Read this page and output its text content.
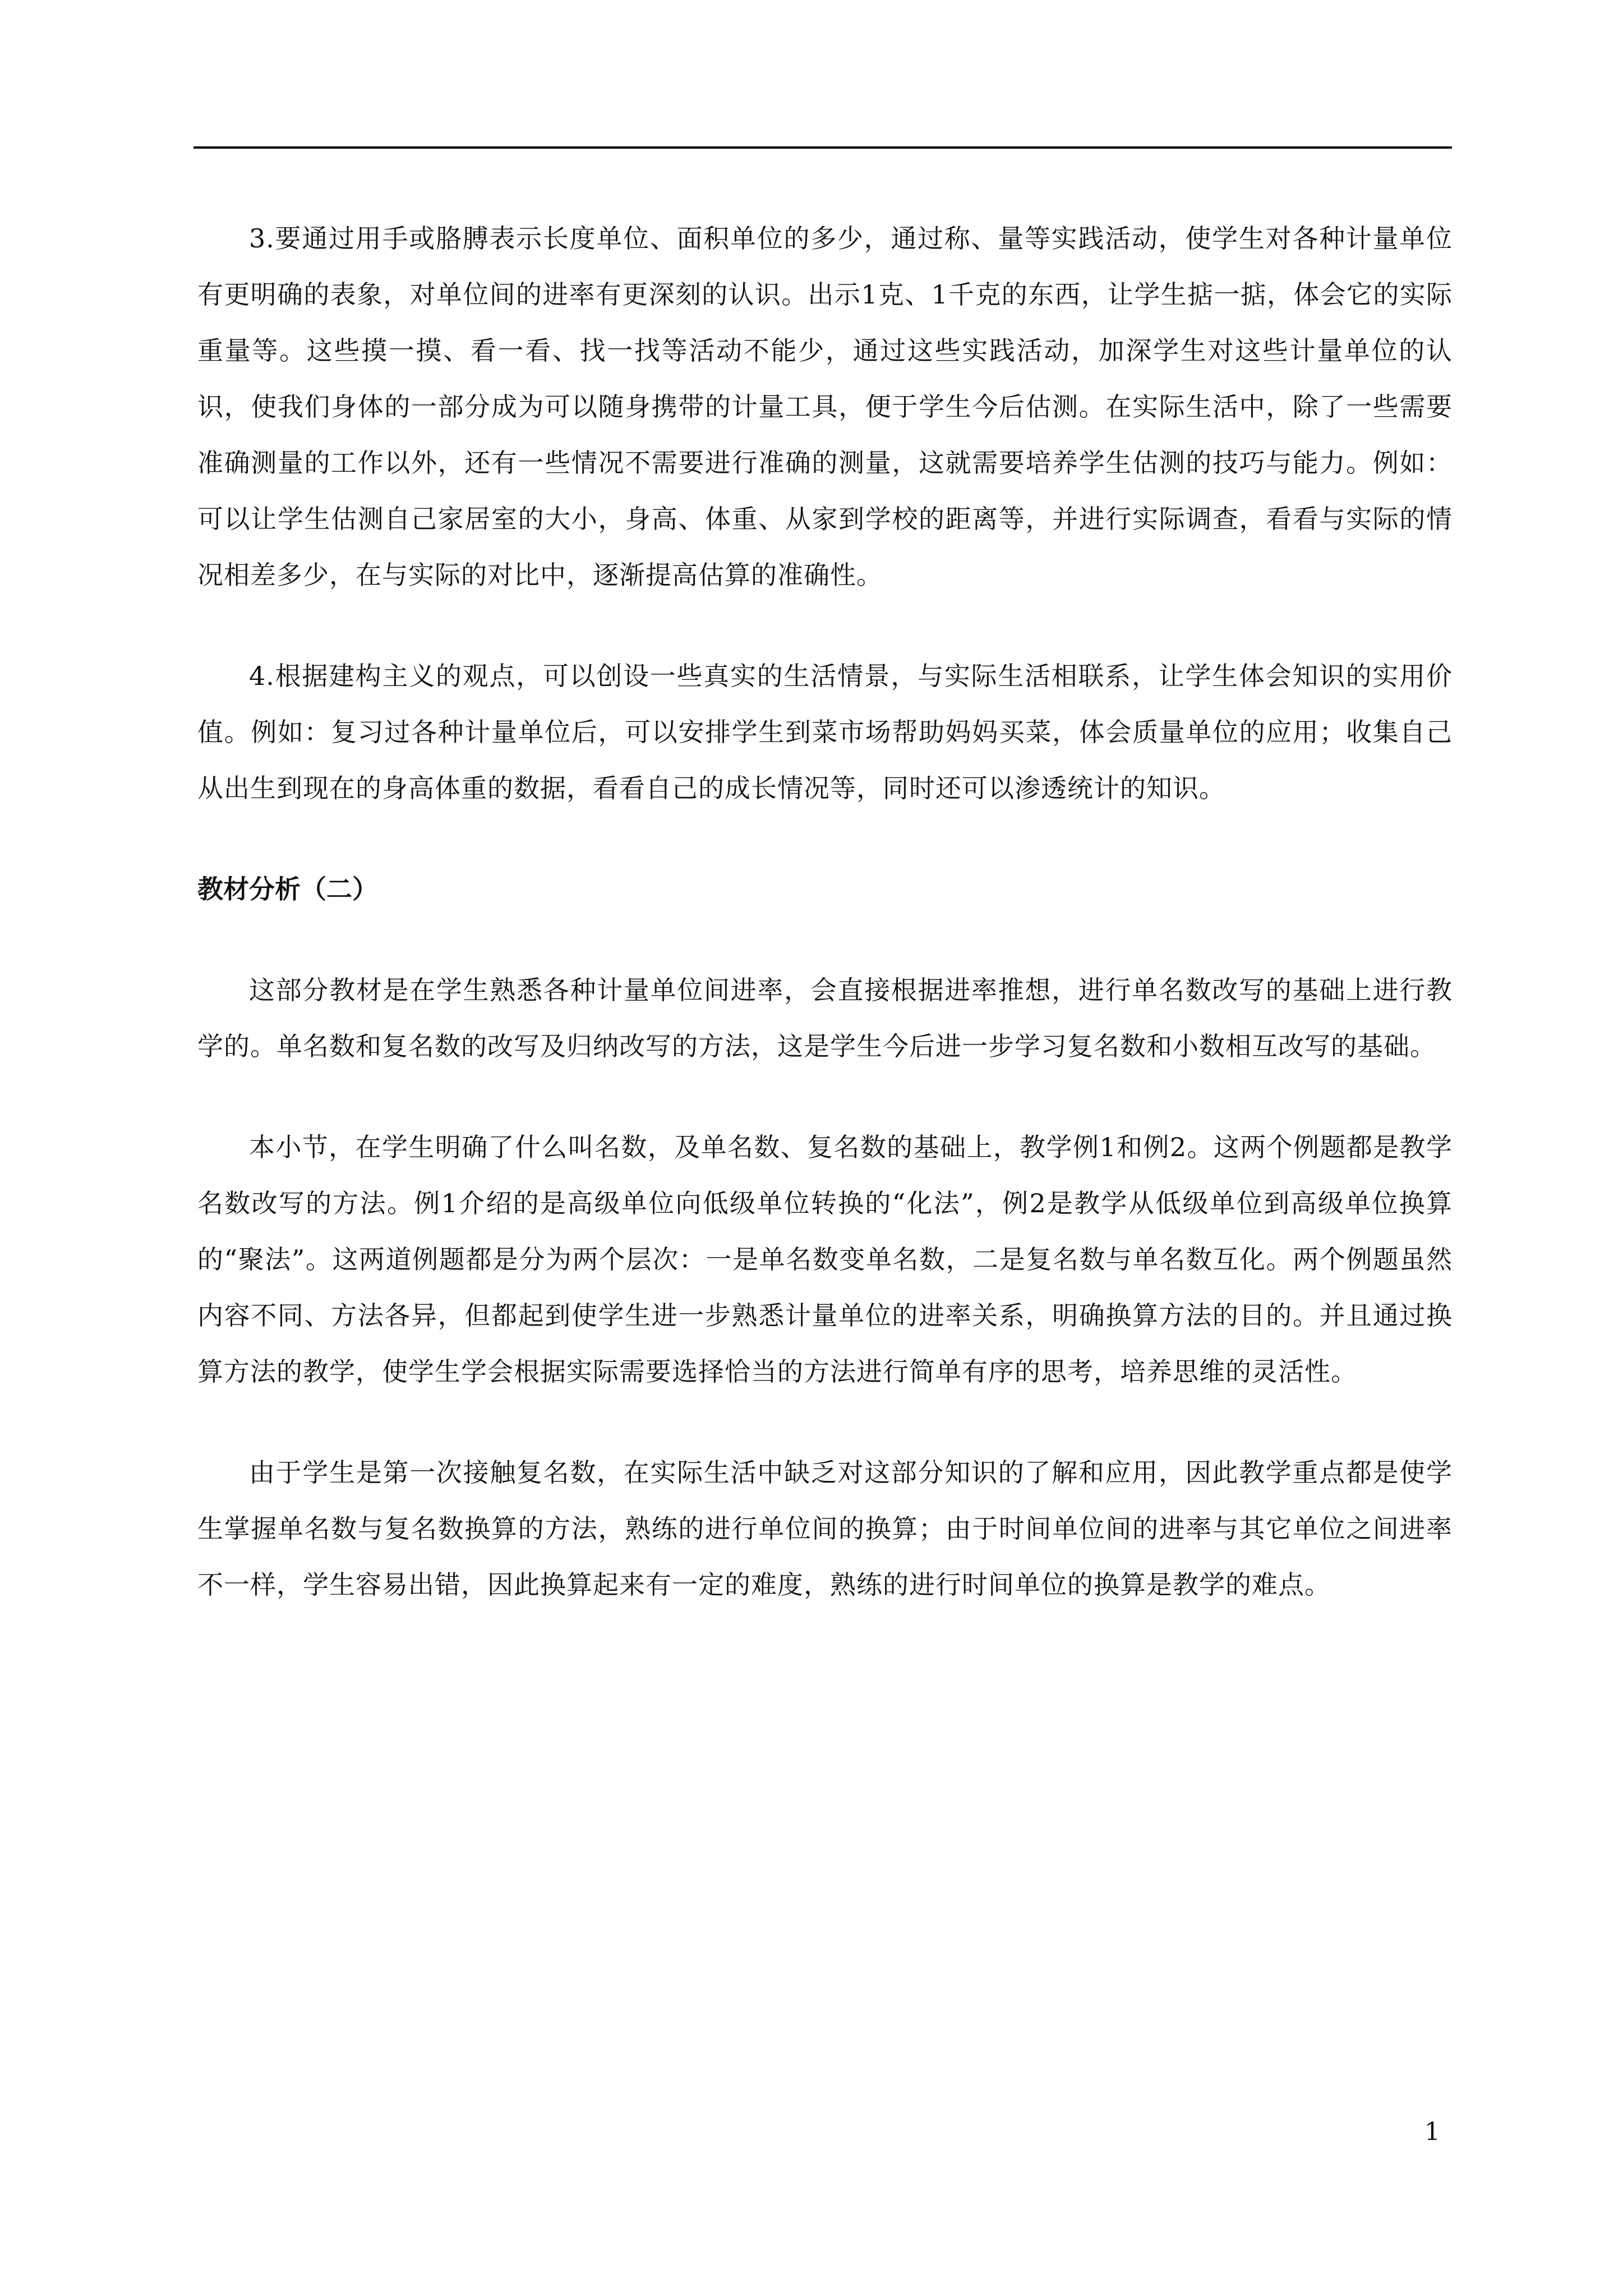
3.要通过用手或胳膊表示长度单位、面积单位的多少，通过称、量等实践活动，使学生对各种计量单位有更明确的表象，对单位间的进率有更深刻的认识。出示1克、1千克的东西，让学生掂一掂，体会它的实际重量等。这些摸一摸、看一看、找一找等活动不能少，通过这些实践活动，加深学生对这些计量单位的认识，使我们身体的一部分成为可以随身携带的计量工具，便于学生今后估测。在实际生活中，除了一些需要准确测量的工作以外，还有一些情况不需要进行准确的测量，这就需要培养学生估测的技巧与能力。例如：可以让学生估测自己家居室的大小，身高、体重、从家到学校的距离等，并进行实际调查，看看与实际的情况相差多少，在与实际的对比中，逐渐提高估算的准确性。

4.根据建构主义的观点，可以创设一些真实的生活情景，与实际生活相联系，让学生体会知识的实用价值。例如：复习过各种计量单位后，可以安排学生到菜市场帮助妈妈买菜，体会质量单位的应用；收集自己从出生到现在的身高体重的数据，看看自己的成长情况等，同时还可以渗透统计的知识。

教材分析（二）

这部分教材是在学生熟悉各种计量单位间进率，会直接根据进率推想，进行单名数改写的基础上进行教学的。单名数和复名数的改写及归纳改写的方法，这是学生今后进一步学习复名数和小数相互改写的基础。

本小节，在学生明确了什么叫名数，及单名数、复名数的基础上，教学例1和例2。这两个例题都是教学名数改写的方法。例1介绍的是高级单位向低级单位转换的“化法”，例2是教学从低级单位到高级单位换算的“聚法”。这两道例题都是分为两个层次：一是单名数变单名数，二是复名数与单名数互化。两个例题虽然内容不同、方法各异，但都起到使学生进一步熟悉计量单位的进率关系，明确换算方法的目的。并且通过换算方法的教学，使学生学会根据实际需要选择恰当的方法进行简单有序的思考，培养思维的灵活性。

由于学生是第一次接触复名数，在实际生活中缺乏对这部分知识的了解和应用，因此教学重点都是使学生掌握单名数与复名数换算的方法，熟练的进行单位间的换算；由于时间单位间的进率与其它单位之间进率不一样，学生容易出错，因此换算起来有一定的难度，熟练的进行时间单位的换算是教学的难点。

1
